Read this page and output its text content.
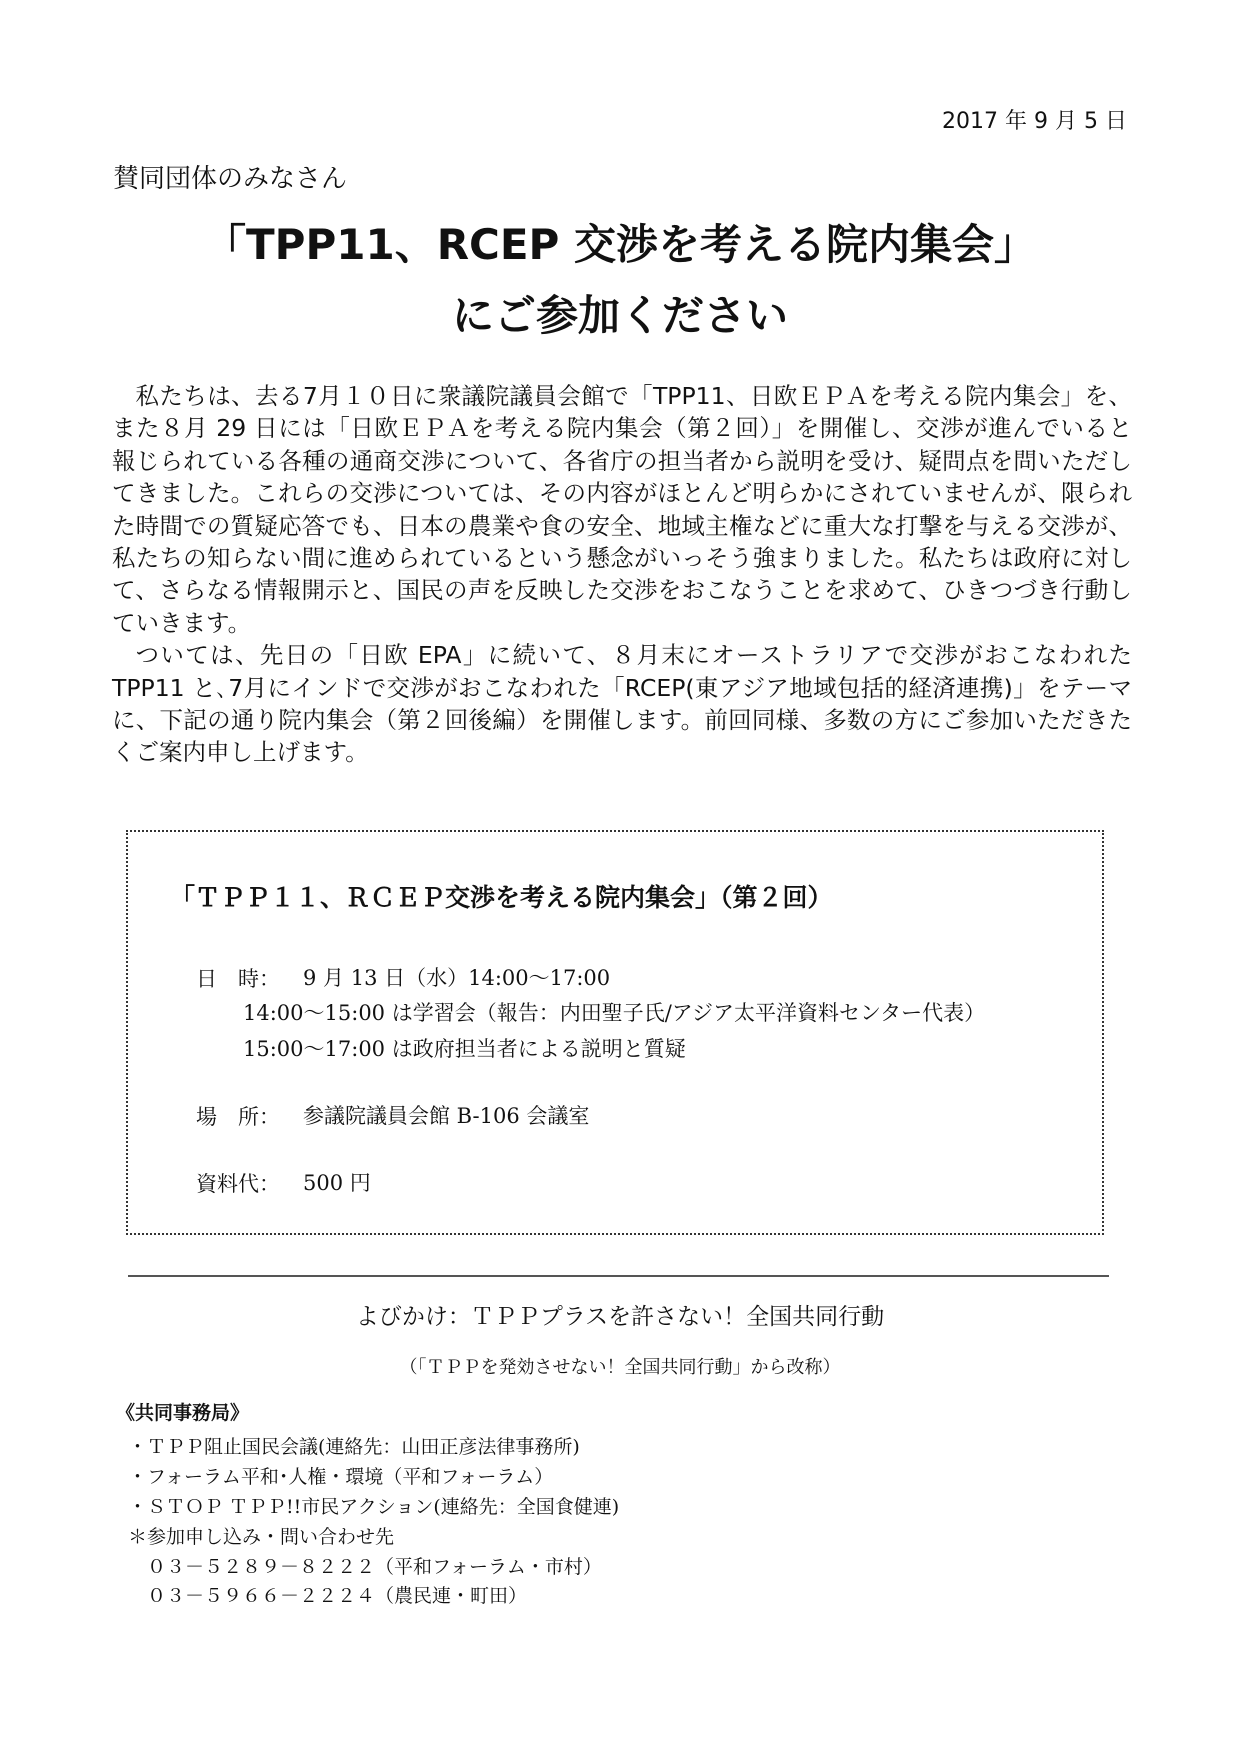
2017 年 9 月 5 日
賛同団体のみなさん
「TPP11、RCEP 交渉を考える院内集会」
にご参加ください

私たちは、去る7月１０日に衆議院議員会館で「TPP11、日欧ＥＰＡを考える院内集会」を、また８月 29 日には「日欧ＥＰＡを考える院内集会（第２回）」を開催し、交渉が進んでいると報じられている各種の通商交渉について、各省庁の担当者から説明を受け、疑問点を問いただしてきました。これらの交渉については、その内容がほとんど明らかにされていませんが、限られた時間での質疑応答でも、日本の農業や食の安全、地域主権などに重大な打撃を与える交渉が、私たちの知らない間に進められているという懸念がいっそう強まりました。私たちは政府に対して、さらなる情報開示と、国民の声を反映した交渉をおこなうことを求めて、ひきつづき行動していきます。

ついては、先日の「日欧 EPA」に続いて、８月末にオーストラリアで交渉がおこなわれた TPP11 と､7月にインドで交渉がおこなわれた「RCEP(東アジア地域包括的経済連携)」をテーマに、下記の通り院内集会（第２回後編）を開催します。前回同様、多数の方にご参加いただきたくご案内申し上げます。

「ＴＰＰ１１、ＲＣＥＰ交渉を考える院内集会」（第２回）
日　時： 9 月 13 日（水）14:00～17:00
14:00～15:00 は学習会（報告：内田聖子氏/アジア太平洋資料センター代表）
15:00～17:00 は政府担当者による説明と質疑
場　所： 参議院議員会館 B-106 会議室
資料代： 500 円
よびかけ：ＴＰＰプラスを許さない！全国共同行動
（「ＴＰＰを発効させない！全国共同行動」から改称）
《共同事務局》
・ＴＰＰ阻止国民会議(連絡先：山田正彦法律事務所)
・フォーラム平和･人権・環境（平和フォーラム）
・ＳＴＯＰ ＴＰＰ!!市民アクション(連絡先：全国食健連)
＊参加申し込み・問い合わせ先
　０３－５２８９－８２２２（平和フォーラム・市村）
　０３－５９６６－２２２４（農民連・町田）
